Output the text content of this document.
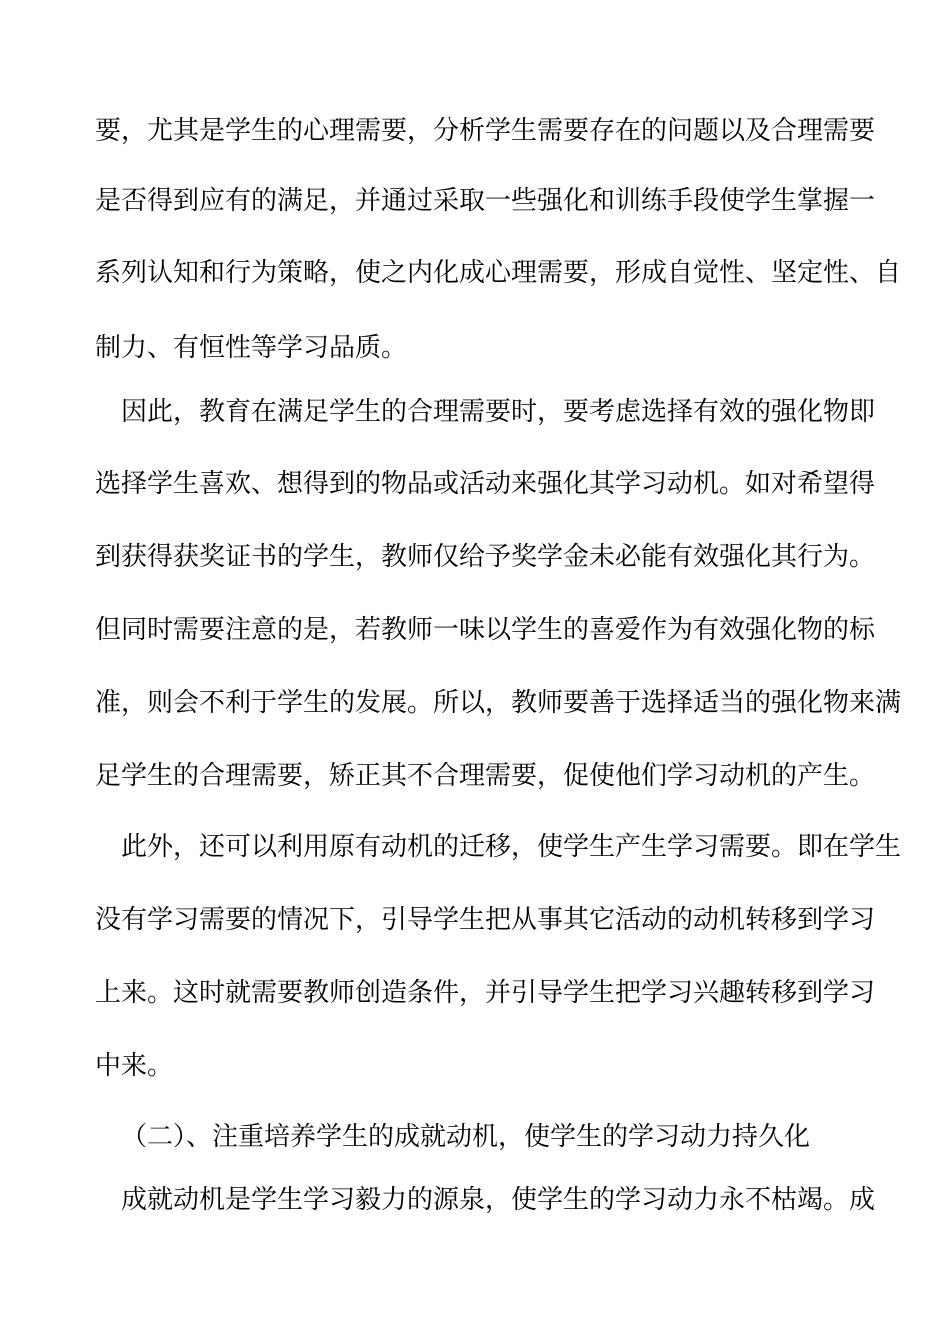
要，尤其是学生的心理需要，分析学生需要存在的问题以及合理需要
是否得到应有的满足，并通过采取一些强化和训练手段使学生掌握一
系列认知和行为策略，使之内化成心理需要，形成自觉性、坚定性、自
制力、有恒性等学习品质。
因此，教育在满足学生的合理需要时，要考虑选择有效的强化物即
选择学生喜欢、想得到的物品或活动来强化其学习动机。如对希望得
到获得获奖证书的学生，教师仅给予奖学金未必能有效强化其行为。
但同时需要注意的是，若教师一味以学生的喜爱作为有效强化物的标
准，则会不利于学生的发展。所以，教师要善于选择适当的强化物来满
足学生的合理需要，矫正其不合理需要，促使他们学习动机的产生。
此外，还可以利用原有动机的迁移，使学生产生学习需要。即在学生
没有学习需要的情况下，引导学生把从事其它活动的动机转移到学习
上来。这时就需要教师创造条件，并引导学生把学习兴趣转移到学习
中来。
（二）、注重培养学生的成就动机，使学生的学习动力持久化
成就动机是学生学习毅力的源泉，使学生的学习动力永不枯竭。成
